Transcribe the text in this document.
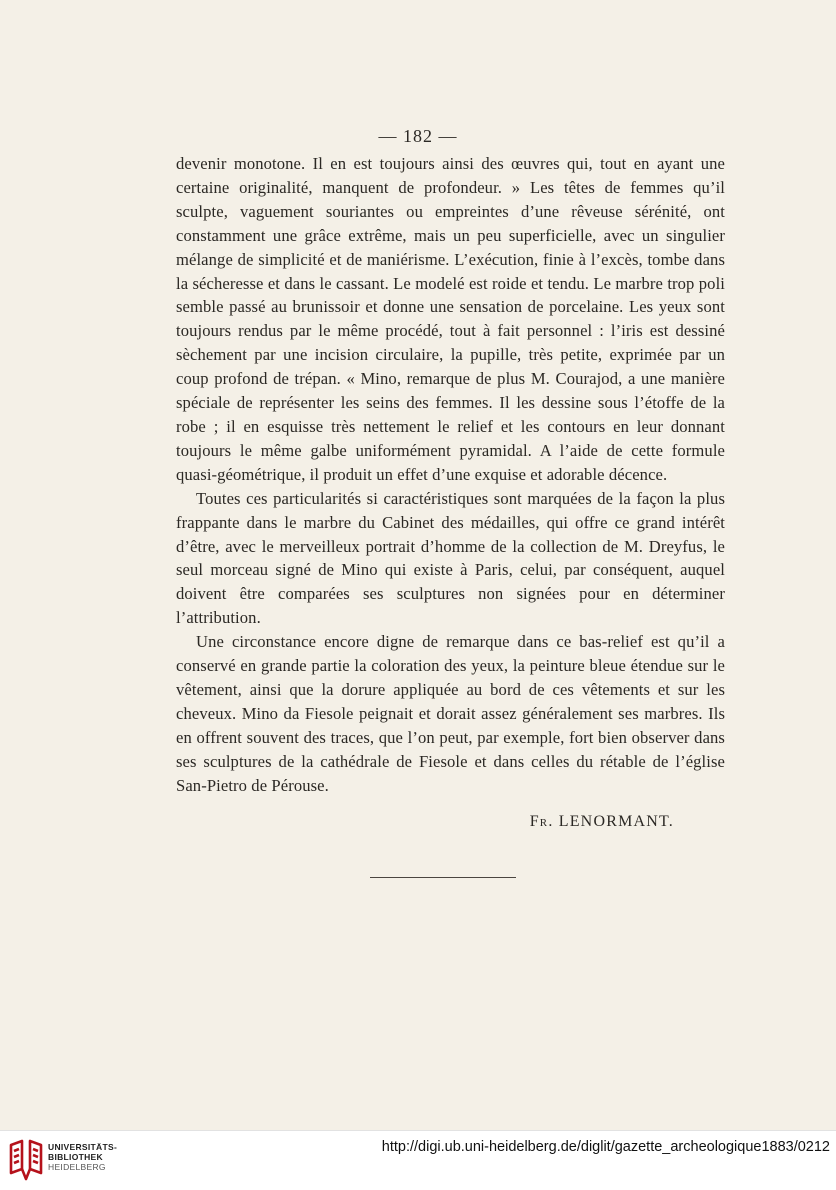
— 182 —

devenir monotone. Il en est toujours ainsi des œuvres qui, tout en ayant une certaine originalité, manquent de profondeur. » Les têtes de femmes qu’il sculpte, vaguement souriantes ou empreintes d’une rêveuse sérénité, ont constamment une grâce extrême, mais un peu superficielle, avec un singulier mélange de simplicité et de maniérisme. L’exécution, finie à l’excès, tombe dans la sécheresse et dans le cassant. Le modelé est roide et tendu. Le marbre trop poli semble passé au brunissoir et donne une sensation de porcelaine. Les yeux sont toujours rendus par le même procédé, tout à fait personnel : l’iris est dessiné sèchement par une incision circulaire, la pupille, très petite, exprimée par un coup profond de trépan. « Mino, remarque de plus M. Courajod, a une manière spéciale de représenter les seins des femmes. Il les dessine sous l’étoffe de la robe ; il en esquisse très nettement le relief et les contours en leur donnant toujours le même galbe uniformément pyramidal. A l’aide de cette formule quasi-géométrique, il produit un effet d’une exquise et adorable décence.

Toutes ces particularités si caractéristiques sont marquées de la façon la plus frappante dans le marbre du Cabinet des médailles, qui offre ce grand intérêt d’être, avec le merveilleux portrait d’homme de la collection de M. Dreyfus, le seul morceau signé de Mino qui existe à Paris, celui, par conséquent, auquel doivent être comparées ses sculptures non signées pour en déterminer l’attribution.

Une circonstance encore digne de remarque dans ce bas-relief est qu’il a conservé en grande partie la coloration des yeux, la peinture bleue étendue sur le vêtement, ainsi que la dorure appliquée au bord de ces vêtements et sur les cheveux. Mino da Fiesole peignait et dorait assez généralement ses marbres. Ils en offrent souvent des traces, que l’on peut, par exemple, fort bien observer dans ses sculptures de la cathédrale de Fiesole et dans celles du rétable de l’église San-Pietro de Pérouse.

Fr. LENORMANT.
UNIVERSITÄTS-
BIBLIOTHEK
HEIDELBERG
http://digi.ub.uni-heidelberg.de/diglit/gazette_archeologique1883/0212
